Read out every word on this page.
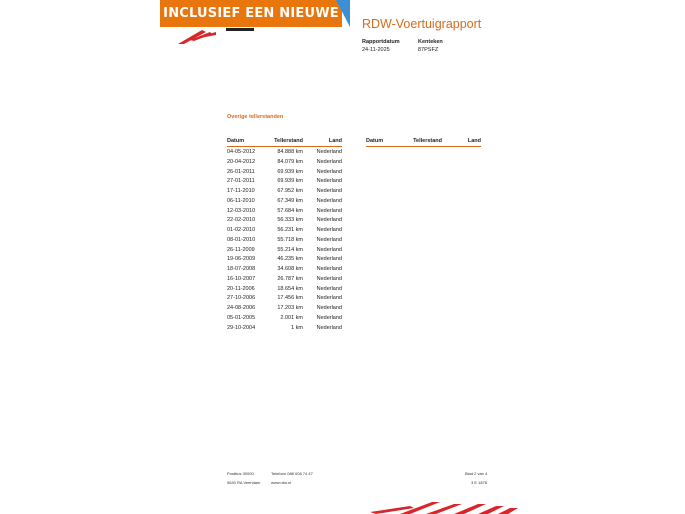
INCLUSIEF EEN NIEUWE APK
RDW-Voertuigrapport
Rapportdatum
24-11-2025
Kenteken
87PSFZ
Overige tellerstanden
Datum	Tellerstand	Land
04-05-2012	84.888 km Nederland
20-04-2012	84.079 km Nederland
26-01-2011	69.939 km Nederland
27-01-2011	69.939 km Nederland
17-11-2010	67.952 km Nederland
06-11-2010	67.349 km Nederland
12-03-2010	57.684 km Nederland
22-02-2010	56.333 km Nederland
01-02-2010	56.231 km Nederland
08-01-2010	55.718 km Nederland
26-11-2009	55.214 km Nederland
19-06-2009	46.235 km Nederland
18-07-2008	34.608 km Nederland
16-10-2007	26.787 km Nederland
20-11-2006	18.654 km Nederland
27-10-2006	17.456 km Nederland
24-08-2006	17.203 km Nederland
05-01-2005	2.001 km Nederland
29-10-2004	1 km Nederland
Datum	Tellerstand	Land
Postbus 30000
9640 RA Veendam
Telefoon 088 008 74 47
www.rdw.nl
Blad 2 van 4
3 E 1878
